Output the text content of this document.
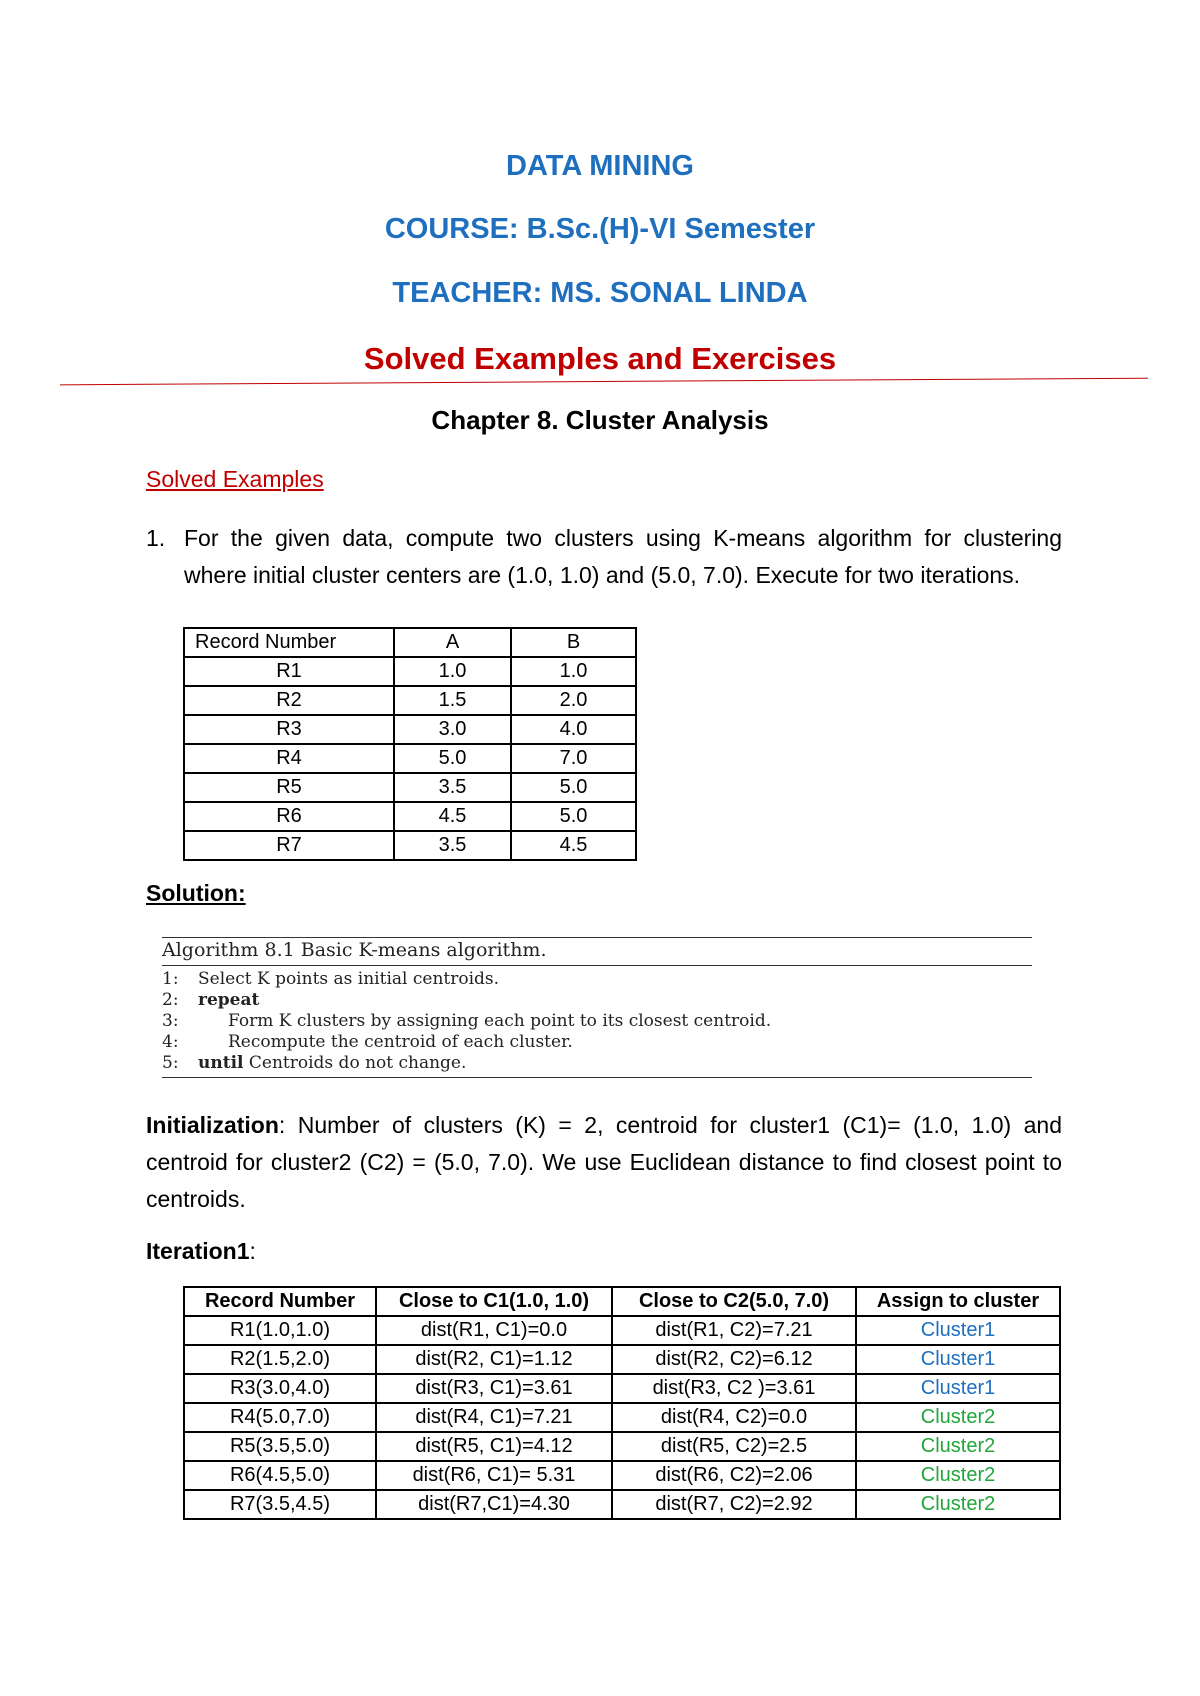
DATA MINING
COURSE: B.Sc.(H)-VI Semester
TEACHER: MS. SONAL LINDA
Solved Examples and Exercises
Chapter 8. Cluster Analysis
Solved Examples
1. For the given data, compute two clusters using K-means algorithm for clustering where initial cluster centers are (1.0, 1.0) and (5.0, 7.0). Execute for two iterations.
Record Number	A	B
R1	1.0	1.0
R2	1.5	2.0
R3	3.0	4.0
R4	5.0	7.0
R5	3.5	5.0
R6	4.5	5.0
R7	3.5	4.5
Solution:
Algorithm 8.1 Basic K-means algorithm.
1: Select K points as initial centroids.
2: repeat
3:	Form K clusters by assigning each point to its closest centroid.
4:	Recompute the centroid of each cluster.
5: until Centroids do not change.
Initialization: Number of clusters (K) = 2, centroid for cluster1 (C1)= (1.0, 1.0) and centroid for cluster2 (C2) = (5.0, 7.0). We use Euclidean distance to find closest point to centroids.
Iteration1:
Record Number	Close to C1(1.0, 1.0)	Close to C2(5.0, 7.0)	Assign to cluster
R1(1.0,1.0)	dist(R1, C1)=0.0	dist(R1, C2)=7.21	Cluster1
R2(1.5,2.0)	dist(R2, C1)=1.12	dist(R2, C2)=6.12	Cluster1
R3(3.0,4.0)	dist(R3, C1)=3.61	dist(R3, C2 )=3.61	Cluster1
R4(5.0,7.0)	dist(R4, C1)=7.21	dist(R4, C2)=0.0	Cluster2
R5(3.5,5.0)	dist(R5, C1)=4.12	dist(R5, C2)=2.5	Cluster2
R6(4.5,5.0)	dist(R6, C1)= 5.31	dist(R6, C2)=2.06	Cluster2
R7(3.5,4.5)	dist(R7,C1)=4.30	dist(R7, C2)=2.92	Cluster2
